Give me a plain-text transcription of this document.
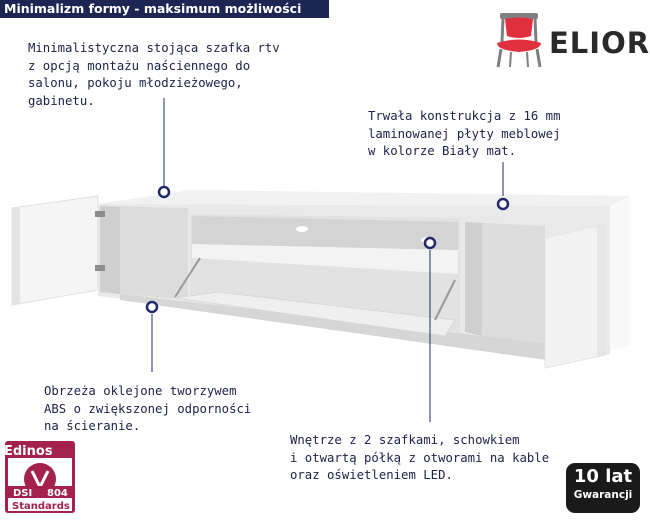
Minimalizm formy - maksimum możliwości
Minimalistyczna stojąca szafka rtv
z opcją montażu naściennego do
salonu, pokoju młodzieżowego,
gabinetu.
Trwała konstrukcja z 16 mm
laminowanej płyty meblowej
w kolorze Biały mat.
Obrzeża oklejone tworzywem
ABS o zwiększonej odporności
na ścieranie.
Wnętrze z 2 szafkami, schowkiem
i otwartą półką z otworami na kable
oraz oświetleniem LED.
ELIOR
DSI 804
Standards
Edinos
10 lat
Gwarancji
